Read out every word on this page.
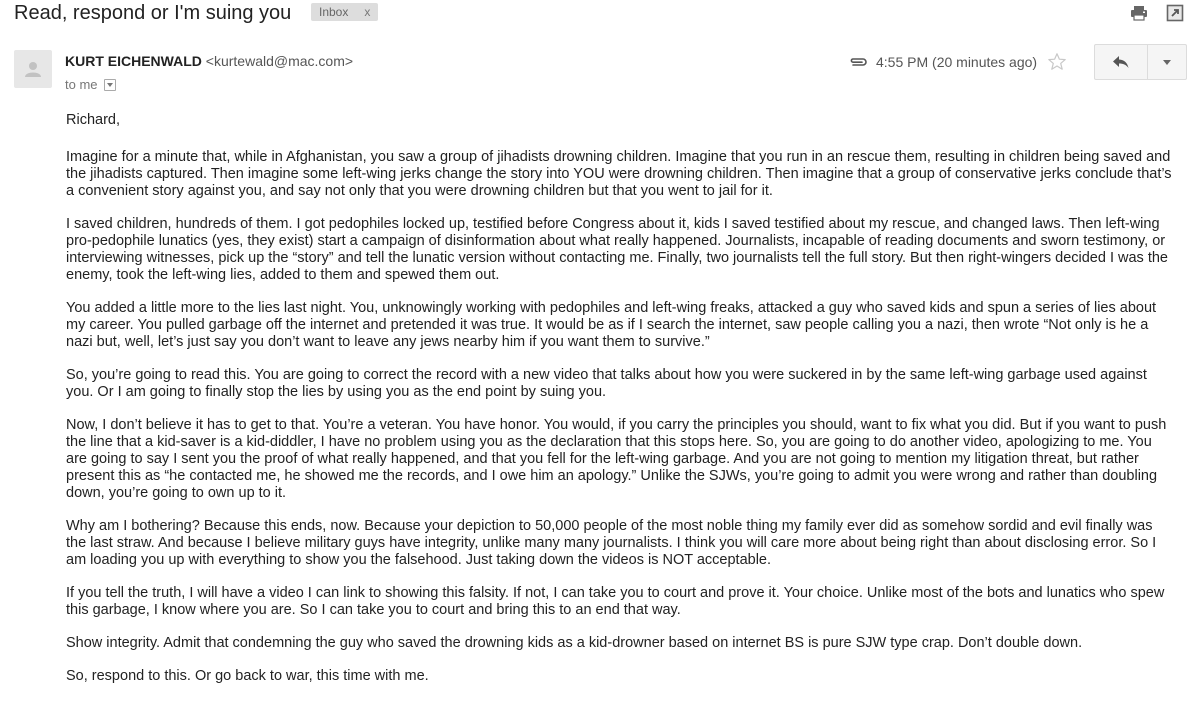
Read, respond or I'm suing you	Inbox x
KURT EICHENWALD <kurtewald@mac.com>
to me
4:55 PM (20 minutes ago)

Richard,

Imagine for a minute that, while in Afghanistan, you saw a group of jihadists drowning children. Imagine that you run in an rescue them, resulting in children being saved and the jihadists captured. Then imagine some left-wing jerks change the story into YOU were drowning children. Then imagine that a group of conservative jerks conclude that’s a convenient story against you, and say not only that you were drowning children but that you went to jail for it.

I saved children, hundreds of them. I got pedophiles locked up, testified before Congress about it, kids I saved testified about my rescue, and changed laws. Then left-wing pro-pedophile lunatics (yes, they exist) start a campaign of disinformation about what really happened. Journalists, incapable of reading documents and sworn testimony, or interviewing witnesses, pick up the “story” and tell the lunatic version without contacting me. Finally, two journalists tell the full story. But then right-wingers decided I was the enemy, took the left-wing lies, added to them and spewed them out.

You added a little more to the lies last night. You, unknowingly working with pedophiles and left-wing freaks, attacked a guy who saved kids and spun a series of lies about my career. You pulled garbage off the internet and pretended it was true. It would be as if I search the internet, saw people calling you a nazi, then wrote “Not only is he a nazi but, well, let’s just say you don’t want to leave any jews nearby him if you want them to survive.”

So, you’re going to read this. You are going to correct the record with a new video that talks about how you were suckered in by the same left-wing garbage used against you. Or I am going to finally stop the lies by using you as the end point by suing you.

Now, I don’t believe it has to get to that. You’re a veteran. You have honor. You would, if you carry the principles you should, want to fix what you did. But if you want to push the line that a kid-saver is a kid-diddler, I have no problem using you as the declaration that this stops here. So, you are going to do another video, apologizing to me. You are going to say I sent you the proof of what really happened, and that you fell for the left-wing garbage. And you are not going to mention my litigation threat, but rather present this as “he contacted me, he showed me the records, and I owe him an apology.” Unlike the SJWs, you’re going to admit you were wrong and rather than doubling down, you’re going to own up to it.

Why am I bothering? Because this ends, now. Because your depiction to 50,000 people of the most noble thing my family ever did as somehow sordid and evil finally was the last straw. And because I believe military guys have integrity, unlike many many journalists. I think you will care more about being right than about disclosing error. So I am loading you up with everything to show you the falsehood. Just taking down the videos is NOT acceptable.

If you tell the truth, I will have a video I can link to showing this falsity. If not, I can take you to court and prove it. Your choice. Unlike most of the bots and lunatics who spew this garbage, I know where you are. So I can take you to court and bring this to an end that way.

Show integrity. Admit that condemning the guy who saved the drowning kids as a kid-drowner based on internet BS is pure SJW type crap. Don’t double down.

So, respond to this. Or go back to war, this time with me.
